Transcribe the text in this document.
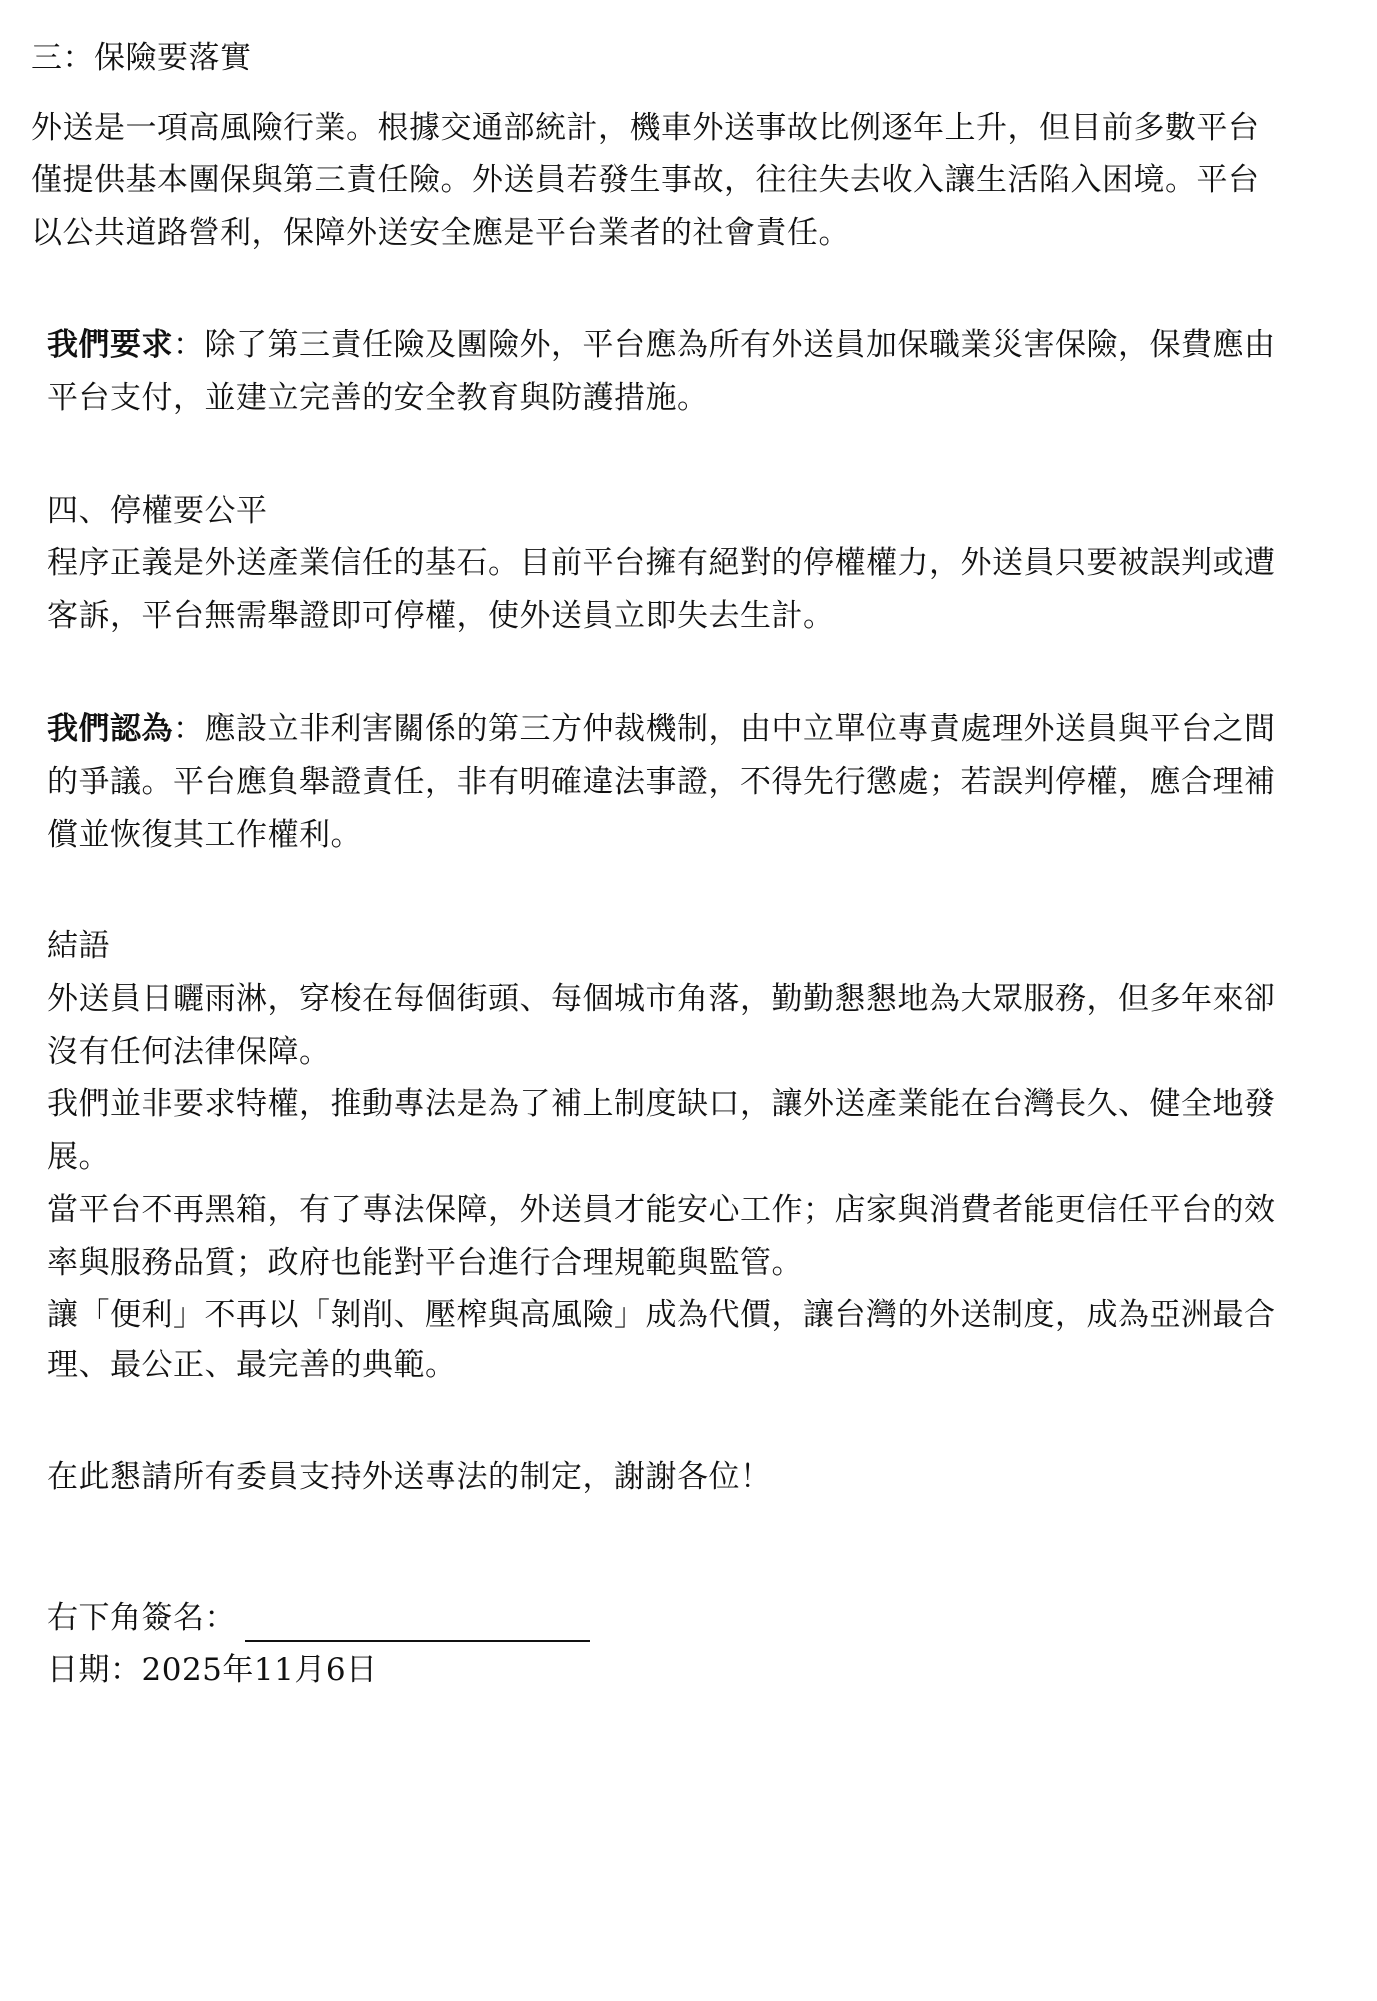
三：保險要落實
外送是一項高風險行業。根據交通部統計，機車外送事故比例逐年上升，但目前多數平台
僅提供基本團保與第三責任險。外送員若發生事故，往往失去收入讓生活陷入困境。平台
以公共道路營利，保障外送安全應是平台業者的社會責任。
我們要求：除了第三責任險及團險外，平台應為所有外送員加保職業災害保險，保費應由
平台支付，並建立完善的安全教育與防護措施。
四、停權要公平
程序正義是外送產業信任的基石。目前平台擁有絕對的停權權力，外送員只要被誤判或遭
客訴，平台無需舉證即可停權，使外送員立即失去生計。
我們認為：應設立非利害關係的第三方仲裁機制，由中立單位專責處理外送員與平台之間
的爭議。平台應負舉證責任，非有明確違法事證，不得先行懲處；若誤判停權，應合理補
償並恢復其工作權利。
結語
外送員日曬雨淋，穿梭在每個街頭、每個城市角落，勤勤懇懇地為大眾服務，但多年來卻
沒有任何法律保障。
我們並非要求特權，推動專法是為了補上制度缺口，讓外送產業能在台灣長久、健全地發
展。
當平台不再黑箱，有了專法保障，外送員才能安心工作；店家與消費者能更信任平台的效
率與服務品質；政府也能對平台進行合理規範與監管。
讓「便利」不再以「剝削、壓榨與高風險」成為代價，讓台灣的外送制度，成為亞洲最合
理、最公正、最完善的典範。
在此懇請所有委員支持外送專法的制定，謝謝各位！
右下角簽名：
日期：2025年11月6日
